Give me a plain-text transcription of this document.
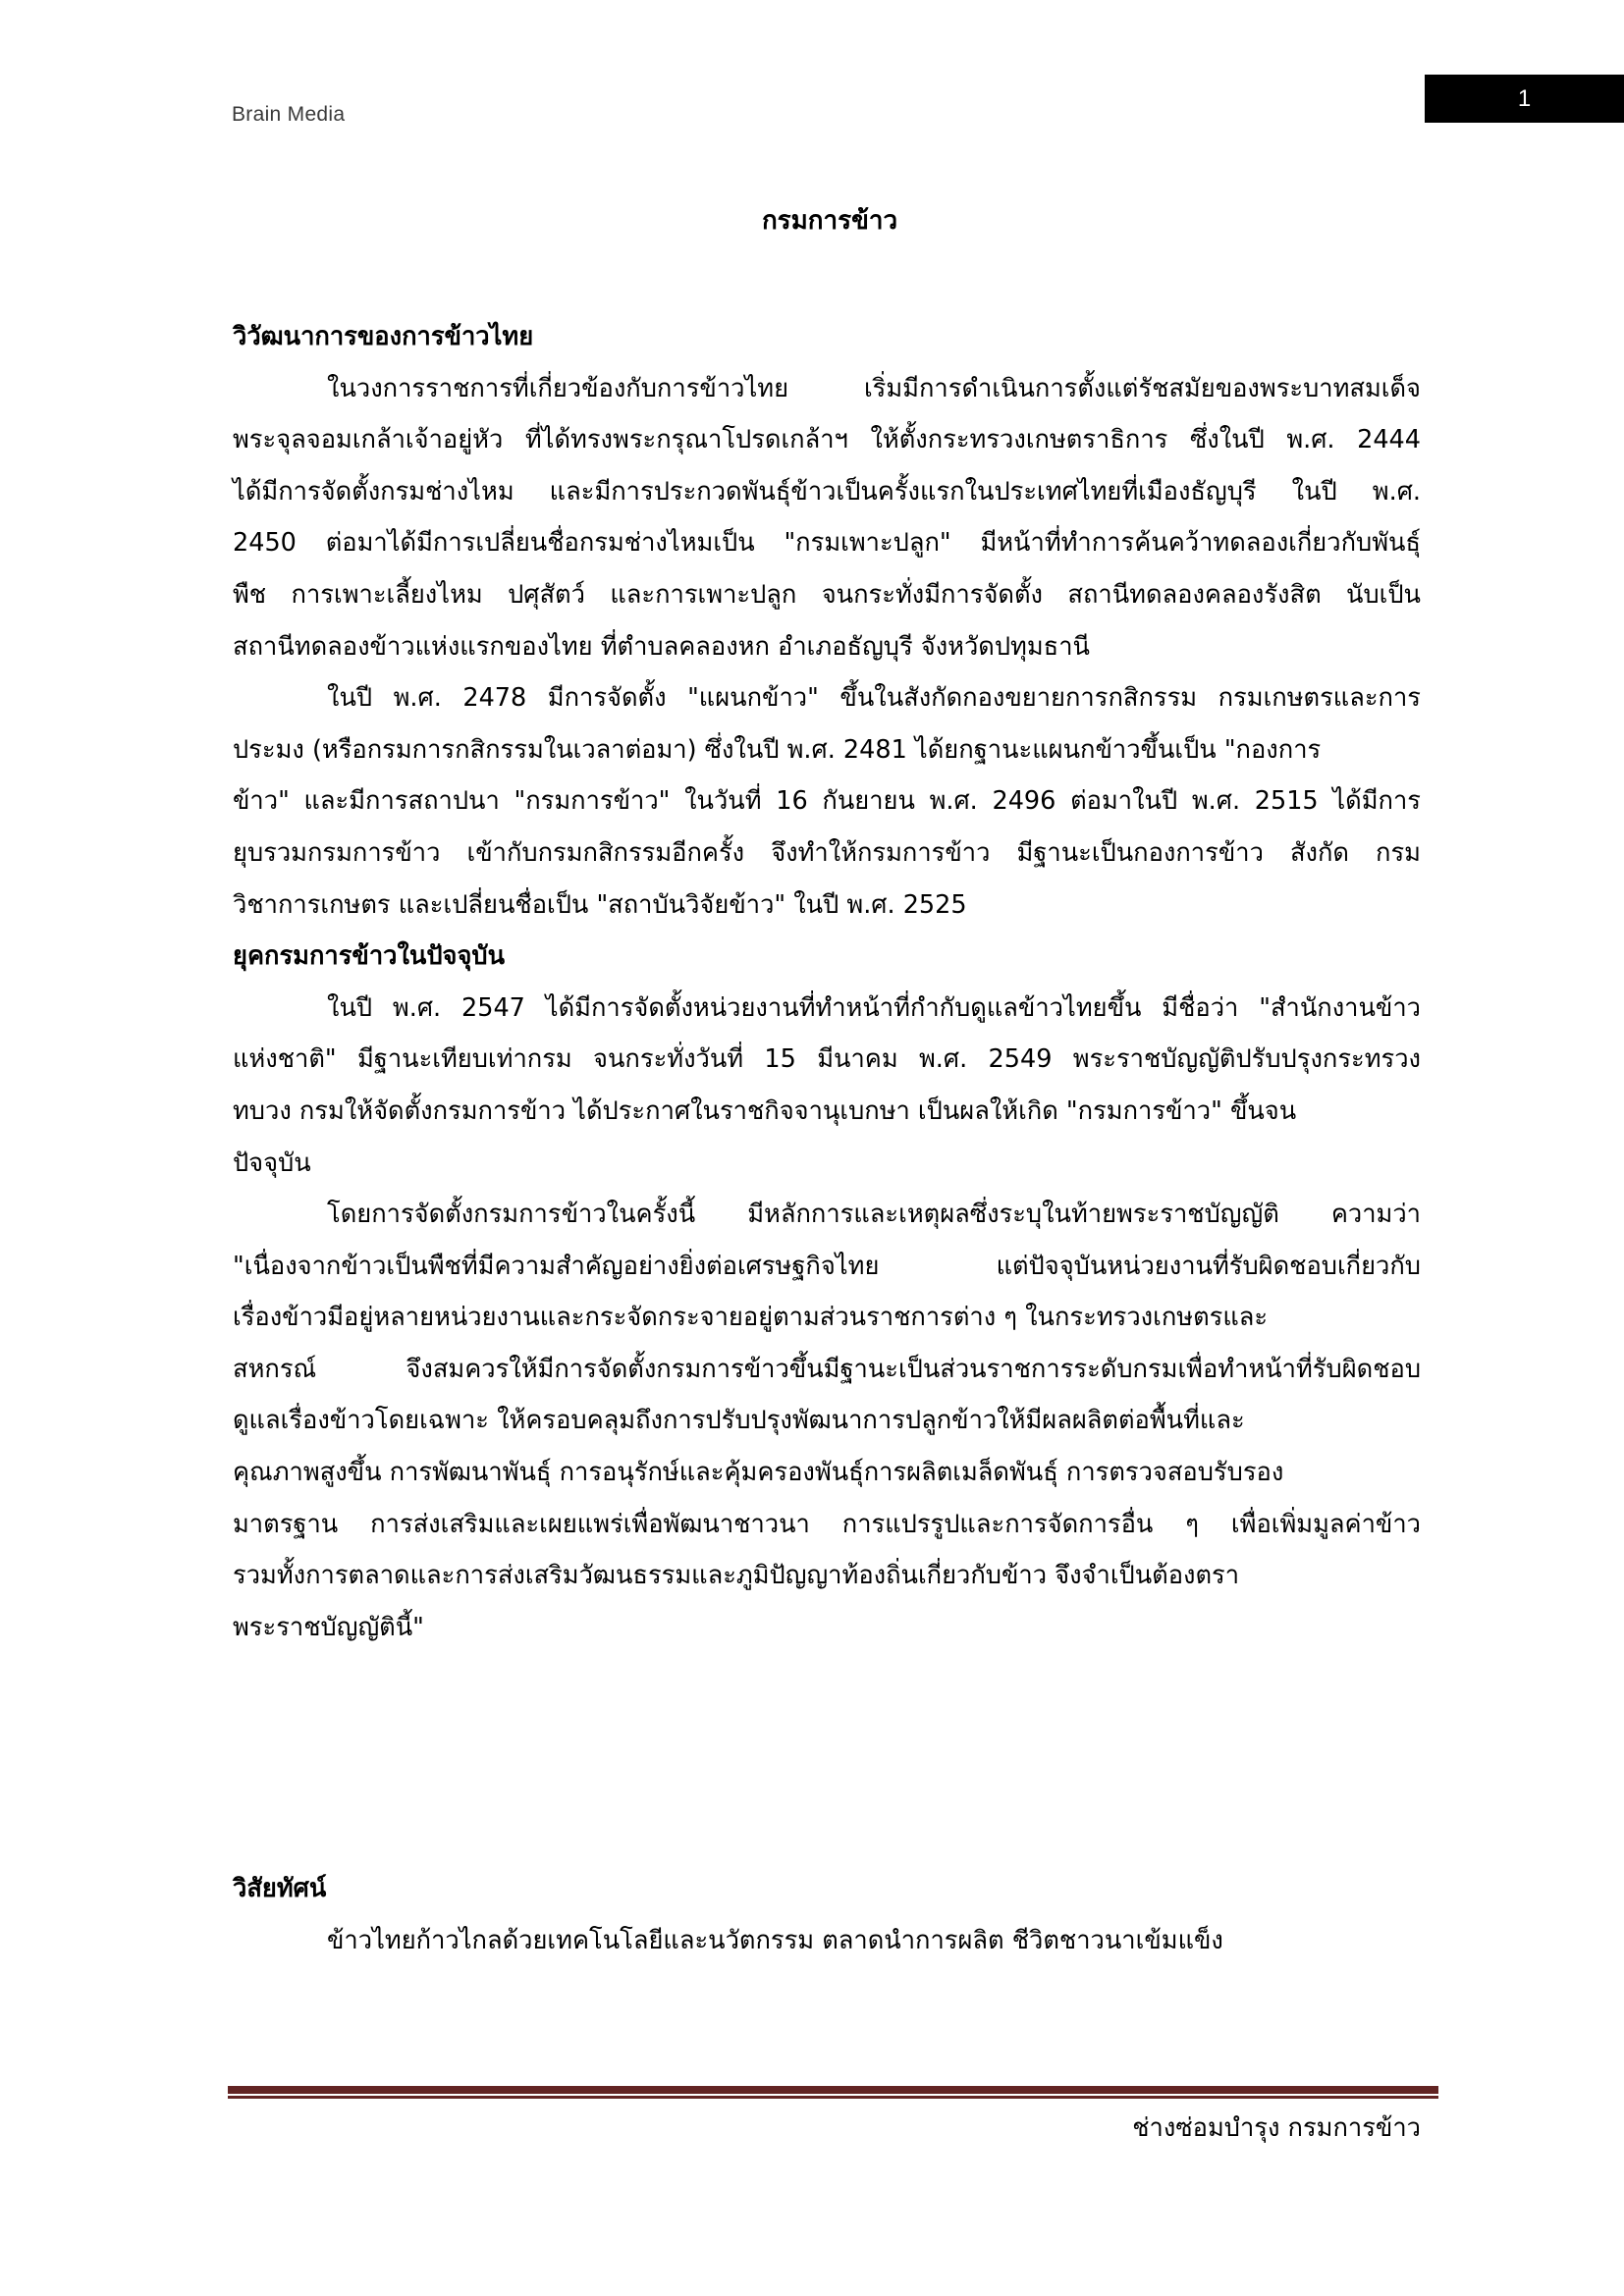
Brain Media
1
กรมการข้าว
วิวัฒนาการของการข้าวไทย
ในวงการราชการที่เกี่ยวข้องกับการข้าวไทย เริ่มมีการดำเนินการตั้งแต่รัชสมัยของพระบาทสมเด็จ
พระจุลจอมเกล้าเจ้าอยู่หัว ที่ได้ทรงพระกรุณาโปรดเกล้าฯ ให้ตั้งกระทรวงเกษตราธิการ ซึ่งในปี พ.ศ. 2444
ได้มีการจัดตั้งกรมช่างไหม และมีการประกวดพันธุ์ข้าวเป็นครั้งแรกในประเทศไทยที่เมืองธัญบุรี ในปี พ.ศ.
2450 ต่อมาได้มีการเปลี่ยนชื่อกรมช่างไหมเป็น "กรมเพาะปลูก" มีหน้าที่ทำการค้นคว้าทดลองเกี่ยวกับพันธุ์
พืช การเพาะเลี้ยงไหม ปศุสัตว์ และการเพาะปลูก จนกระทั่งมีการจัดตั้ง สถานีทดลองคลองรังสิต นับเป็น
สถานีทดลองข้าวแห่งแรกของไทย ที่ตำบลคลองหก อำเภอธัญบุรี จังหวัดปทุมธานี
ในปี พ.ศ. 2478 มีการจัดตั้ง "แผนกข้าว" ขึ้นในสังกัดกองขยายการกสิกรรม กรมเกษตรและการ
ประมง (หรือกรมการกสิกรรมในเวลาต่อมา) ซึ่งในปี พ.ศ. 2481 ได้ยกฐานะแผนกข้าวขึ้นเป็น "กองการ
ข้าว" และมีการสถาปนา "กรมการข้าว" ในวันที่ 16 กันยายน พ.ศ. 2496 ต่อมาในปี พ.ศ. 2515 ได้มีการ
ยุบรวมกรมการข้าว เข้ากับกรมกสิกรรมอีกครั้ง จึงทำให้กรมการข้าว มีฐานะเป็นกองการข้าว สังกัด กรม
วิชาการเกษตร และเปลี่ยนชื่อเป็น "สถาบันวิจัยข้าว" ในปี พ.ศ. 2525
ยุคกรมการข้าวในปัจจุบัน
ในปี พ.ศ. 2547 ได้มีการจัดตั้งหน่วยงานที่ทำหน้าที่กำกับดูแลข้าวไทยขึ้น มีชื่อว่า "สำนักงานข้าว
แห่งชาติ" มีฐานะเทียบเท่ากรม จนกระทั่งวันที่ 15 มีนาคม พ.ศ. 2549 พระราชบัญญัติปรับปรุงกระทรวง
ทบวง กรมให้จัดตั้งกรมการข้าว ได้ประกาศในราชกิจจานุเบกษา เป็นผลให้เกิด "กรมการข้าว" ขึ้นจน
ปัจจุบัน
โดยการจัดตั้งกรมการข้าวในครั้งนี้ มีหลักการและเหตุผลซึ่งระบุในท้ายพระราชบัญญัติ ความว่า
"เนื่องจากข้าวเป็นพืชที่มีความสำคัญอย่างยิ่งต่อเศรษฐกิจไทย แต่ปัจจุบันหน่วยงานที่รับผิดชอบเกี่ยวกับ
เรื่องข้าวมีอยู่หลายหน่วยงานและกระจัดกระจายอยู่ตามส่วนราชการต่าง ๆ ในกระทรวงเกษตรและ
สหกรณ์ จึงสมควรให้มีการจัดตั้งกรมการข้าวขึ้นมีฐานะเป็นส่วนราชการระดับกรมเพื่อทำหน้าที่รับผิดชอบ
ดูแลเรื่องข้าวโดยเฉพาะ ให้ครอบคลุมถึงการปรับปรุงพัฒนาการปลูกข้าวให้มีผลผลิตต่อพื้นที่และ
คุณภาพสูงขึ้น การพัฒนาพันธุ์ การอนุรักษ์และคุ้มครองพันธุ์การผลิตเมล็ดพันธุ์ การตรวจสอบรับรอง
มาตรฐาน การส่งเสริมและเผยแพร่เพื่อพัฒนาชาวนา การแปรรูปและการจัดการอื่น ๆ เพื่อเพิ่มมูลค่าข้าว
รวมทั้งการตลาดและการส่งเสริมวัฒนธรรมและภูมิปัญญาท้องถิ่นเกี่ยวกับข้าว จึงจำเป็นต้องตรา
พระราชบัญญัตินี้"
วิสัยทัศน์
ข้าวไทยก้าวไกลด้วยเทคโนโลยีและนวัตกรรม ตลาดนำการผลิต ชีวิตชาวนาเข้มแข็ง
ช่างซ่อมบำรุง กรมการข้าว
